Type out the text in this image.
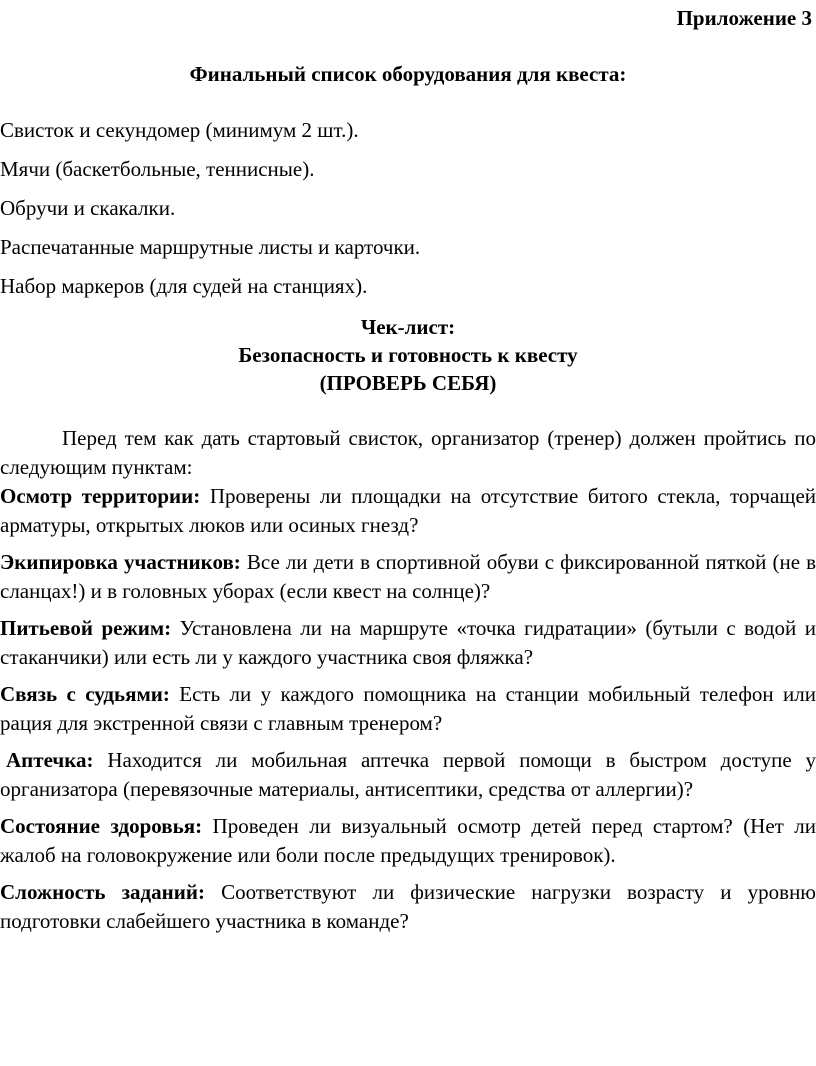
Приложение 3
Финальный список оборудования для квеста:
Свисток и секундомер (минимум 2 шт.).
Мячи (баскетбольные, теннисные).
Обручи и скакалки.
Распечатанные маршрутные листы и карточки.
Набор маркеров (для судей на станциях).
Чек-лист:
Безопасность и готовность к квесту
(ПРОВЕРЬ СЕБЯ)

Перед тем как дать стартовый свисток, организатор (тренер) должен пройтись по следующим пунктам:

Осмотр территории: Проверены ли площадки на отсутствие битого стекла, торчащей арматуры, открытых люков или осиных гнезд?

Экипировка участников: Все ли дети в спортивной обуви с фиксированной пяткой (не в сланцах!) и в головных уборах (если квест на солнце)?

Питьевой режим: Установлена ли на маршруте «точка гидратации» (бутыли с водой и стаканчики) или есть ли у каждого участника своя фляжка?

Связь с судьями: Есть ли у каждого помощника на станции мобильный телефон или рация для экстренной связи с главным тренером?

Аптечка: Находится ли мобильная аптечка первой помощи в быстром доступе у организатора (перевязочные материалы, антисептики, средства от аллергии)?

Состояние здоровья: Проведен ли визуальный осмотр детей перед стартом? (Нет ли жалоб на головокружение или боли после предыдущих тренировок).

Сложность заданий: Соответствуют ли физические нагрузки возрасту и уровню подготовки слабейшего участника в команде?
